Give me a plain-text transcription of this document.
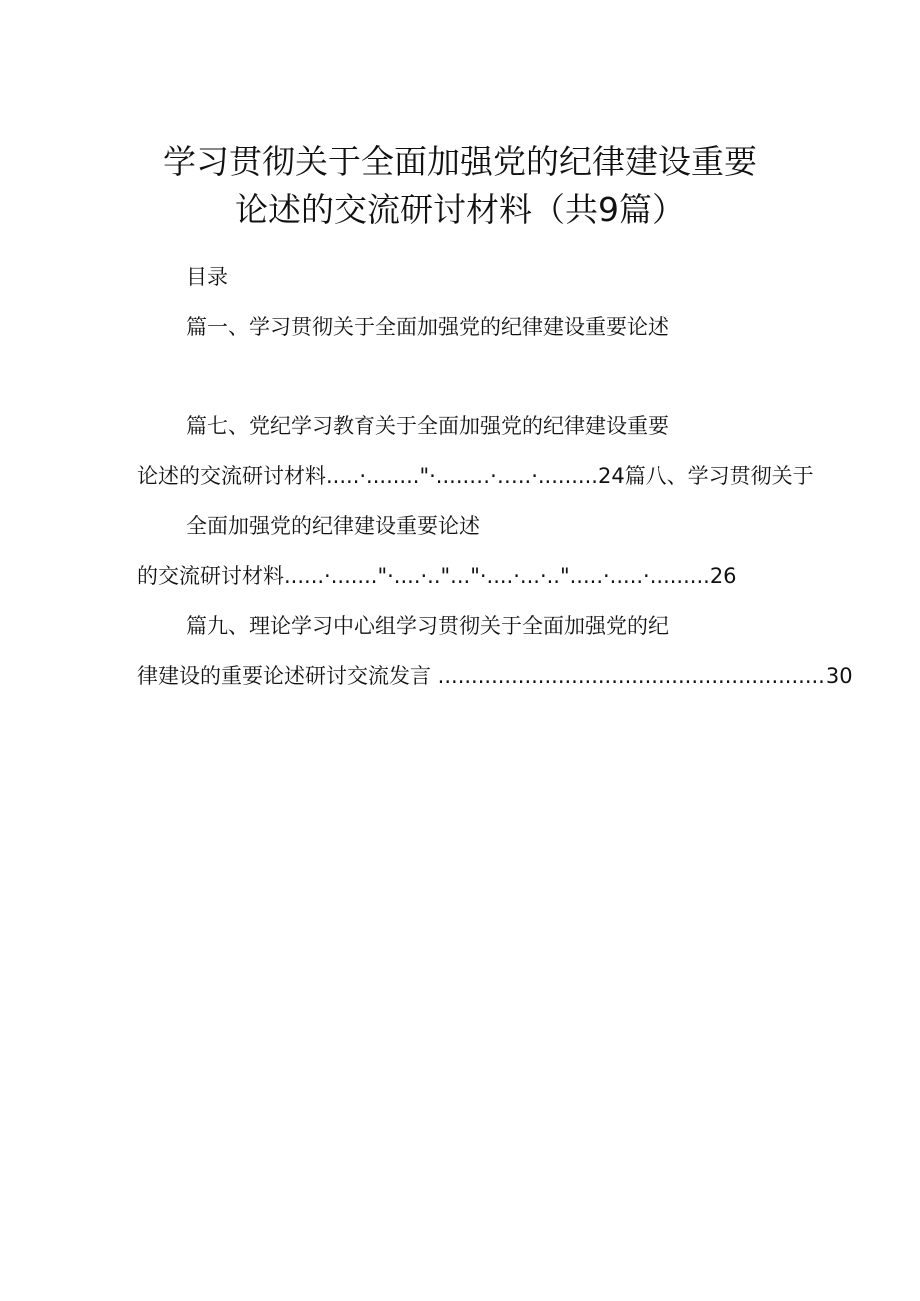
学习贯彻关于全面加强党的纪律建设重要
论述的交流研讨材料（共9篇）
目录
篇一、学习贯彻关于全面加强党的纪律建设重要论述
篇七、党纪学习教育关于全面加强党的纪律建设重要
论述的交流研讨材料.....·........"·.....…·…..·.........24篇八、学习贯彻关于
全面加强党的纪律建设重要论述
的交流研讨材料......·......."·....·.."..."·....·...·..".....·.....·.........26
篇九、理论学习中心组学习贯彻关于全面加强党的纪
律建设的重要论述研讨交流发言 ..........................................................30
